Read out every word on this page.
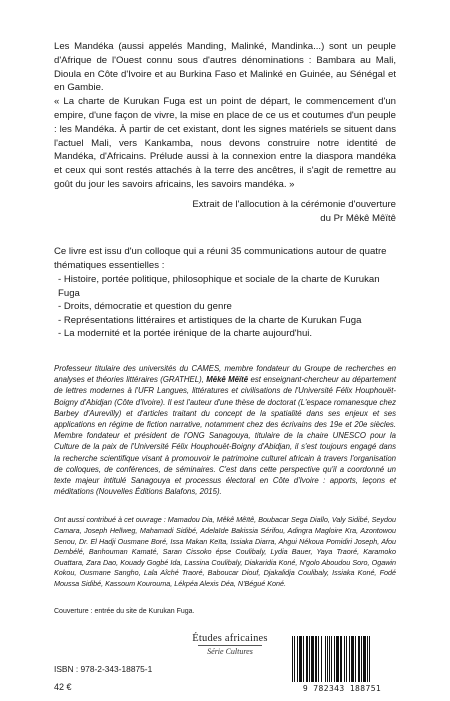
Les Mandéka (aussi appelés Manding, Malinké, Mandinka...) sont un peuple d'Afrique de l'Ouest connu sous d'autres dénominations : Bambara au Mali, Dioula en Côte d'Ivoire et au Burkina Faso et Malinké en Guinée, au Sénégal et en Gambie.

« La charte de Kurukan Fuga est un point de départ, le commencement d'un empire, d'une façon de vivre, la mise en place de ce us et coutumes d'un peuple : les Mandéka. À partir de cet existant, dont les signes matériels se situent dans l'actuel Mali, vers Kankamba, nous devons construire notre identité de Mandéka, d'Africains. Prélude aussi à la connexion entre la diaspora mandéka et ceux qui sont restés attachés à la terre des ancêtres, il s'agit de remettre au goût du jour les savoirs africains, les savoirs mandéka. »

Extrait de l'allocution à la cérémonie d'ouverture
du Pr Mêkê Mêïtê

Ce livre est issu d'un colloque qui a réuni 35 communications autour de quatre thématiques essentielles :

- Histoire, portée politique, philosophique et sociale de la charte de Kurukan Fuga
- Droits, démocratie et question du genre
- Représentations littéraires et artistiques de la charte de Kurukan Fuga
- La modernité et la portée irénique de la charte aujourd'hui.

Professeur titulaire des universités du CAMES, membre fondateur du Groupe de recherches en analyses et théories littéraires (GRATHEL), Mêkê Mêïtê est enseignant-chercheur au département de lettres modernes à l'UFR Langues, littératures et civilisations de l'Université Félix Houphouët-Boigny d'Abidjan (Côte d'Ivoire). Il est l'auteur d'une thèse de doctorat (L'espace romanesque chez Barbey d'Aurevilly) et d'articles traitant du concept de la spatialité dans ses enjeux et ses applications en régime de fiction narrative, notamment chez des écrivains des 19e et 20e siècles. Membre fondateur et président de l'ONG Sanagouya, titulaire de la chaire UNESCO pour la Culture de la paix de l'Université Félix Houphouët-Boigny d'Abidjan, il s'est toujours engagé dans la recherche scientifique visant à promouvoir le patrimoine culturel africain à travers l'organisation de colloques, de conférences, de séminaires. C'est dans cette perspective qu'il a coordonné un texte majeur intitulé Sanagouya et processus électoral en Côte d'Ivoire : apports, leçons et méditations (Nouvelles Éditions Balafons, 2015).

Ont aussi contribué à cet ouvrage : Mamadou Dia, Mêkê Mêïtê, Boubacar Sega Diallo, Valy Sidibé, Seydou Camara, Joseph Hellweg, Mahamadi Sidibé, Adelaïde Bakissia Sérifou, Adingra Magloire Kra, Azontowou Senou, Dr. El Hadji Ousmane Boré, Issa Makan Keïta, Issiaka Diarra, Ahgui Nékoua Pomidiri Joseph, Afou Dembélé, Banhouman Kamaté, Saran Cissoko épse Coulibaly, Lydia Bauer, Yaya Traoré, Karamoko Ouattara, Zara Dao, Kouady Gogbé Ida, Lassina Coulibaly, Diakaridia Koné, N'golo Aboudou Soro, Ogawin Kokou, Ousmane Sangho, Lala Aîché Traoré, Baboucar Diouf, Djakalidja Coulibaly, Issiaka Koné, Fodé Moussa Sidibé, Kassoum Kourouma, Lékpéa Alexis Déa, N'Bégué Koné.

Couverture : entrée du site de Kurukan Fuga.
Études africaines
Série Cultures
ISBN : 978-2-343-18875-1
42 €	9 782343 188751
